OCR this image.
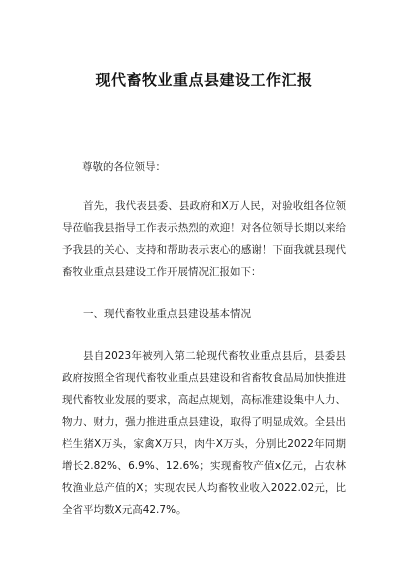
现代畜牧业重点县建设工作汇报

尊敬的各位领导：

首先，我代表县委、县政府和X万人民，对验收组各位领导莅临我县指导工作表示热烈的欢迎！对各位领导长期以来给予我县的关心、支持和帮助表示衷心的感谢！下面我就县现代畜牧业重点县建设工作开展情况汇报如下：

一、现代畜牧业重点县建设基本情况

县自2023年被列入第二轮现代畜牧业重点县后，县委县政府按照全省现代畜牧业重点县建设和省畜牧食品局加快推进现代畜牧业发展的要求，高起点规划，高标准建设集中人力、物力、财力，强力推进重点县建设，取得了明显成效。全县出栏生猪X万头，家禽X万只，肉牛X万头，分别比2022年同期增长2.82%、6.9%、12.6%；实现畜牧产值x亿元，占农林牧渔业总产值的X；实现农民人均畜牧业收入2022.02元，比全省平均数X元高42.7%。
